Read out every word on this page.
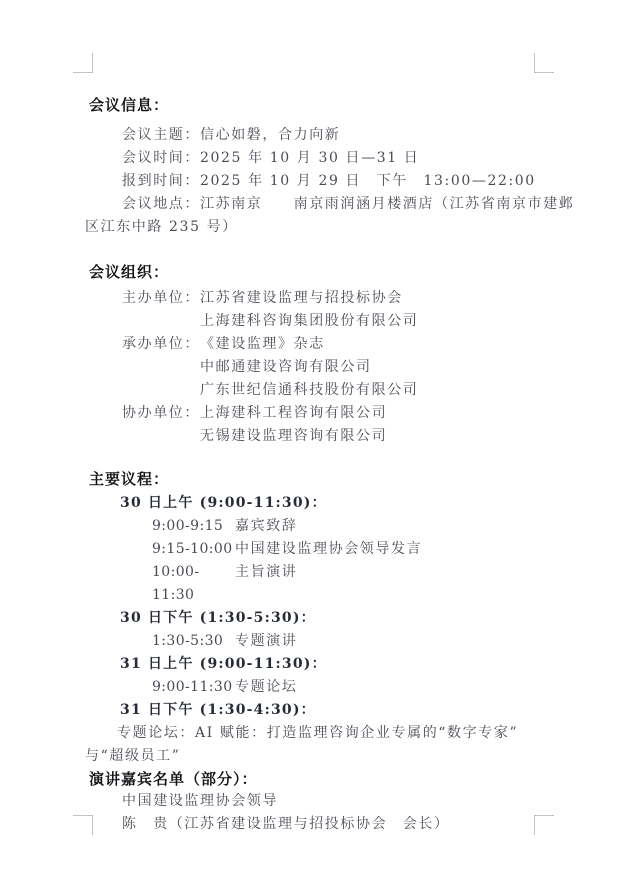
会议信息：
会议主题：信心如磐，合力向新
会议时间：2025 年 10 月 30 日—31 日
报到时间：2025 年 10 月 29 日　下午　13:00—22:00
会议地点：江苏南京　　南京雨润涵月楼酒店（江苏省南京市建邺
区江东中路 235 号）
会议组织：
主办单位： 江苏省建设监理与招投标协会
上海建科咨询集团股份有限公司
承办单位： 《建设监理》杂志
中邮通建设咨询有限公司
广东世纪信通科技股份有限公司
协办单位： 上海建科工程咨询有限公司
无锡建设监理咨询有限公司
主要议程：
30 日上午 (9:00-11:30)：
9:00-9:15 嘉宾致辞
9:15-10:00 中国建设监理协会领导发言
10:00-11:30
主旨演讲
30 日下午 (1:30-5:30)：
1:30-5:30 专题演讲
31 日上午 (9:00-11:30)：
9:00-11:30 专题论坛
31 日下午 (1:30-4:30)：
专题论坛：AI 赋能：打造监理咨询企业专属的“数字专家”
与“超级员工”
演讲嘉宾名单（部分）：
中国建设监理协会领导
陈　贵（江苏省建设监理与招投标协会　会长）
